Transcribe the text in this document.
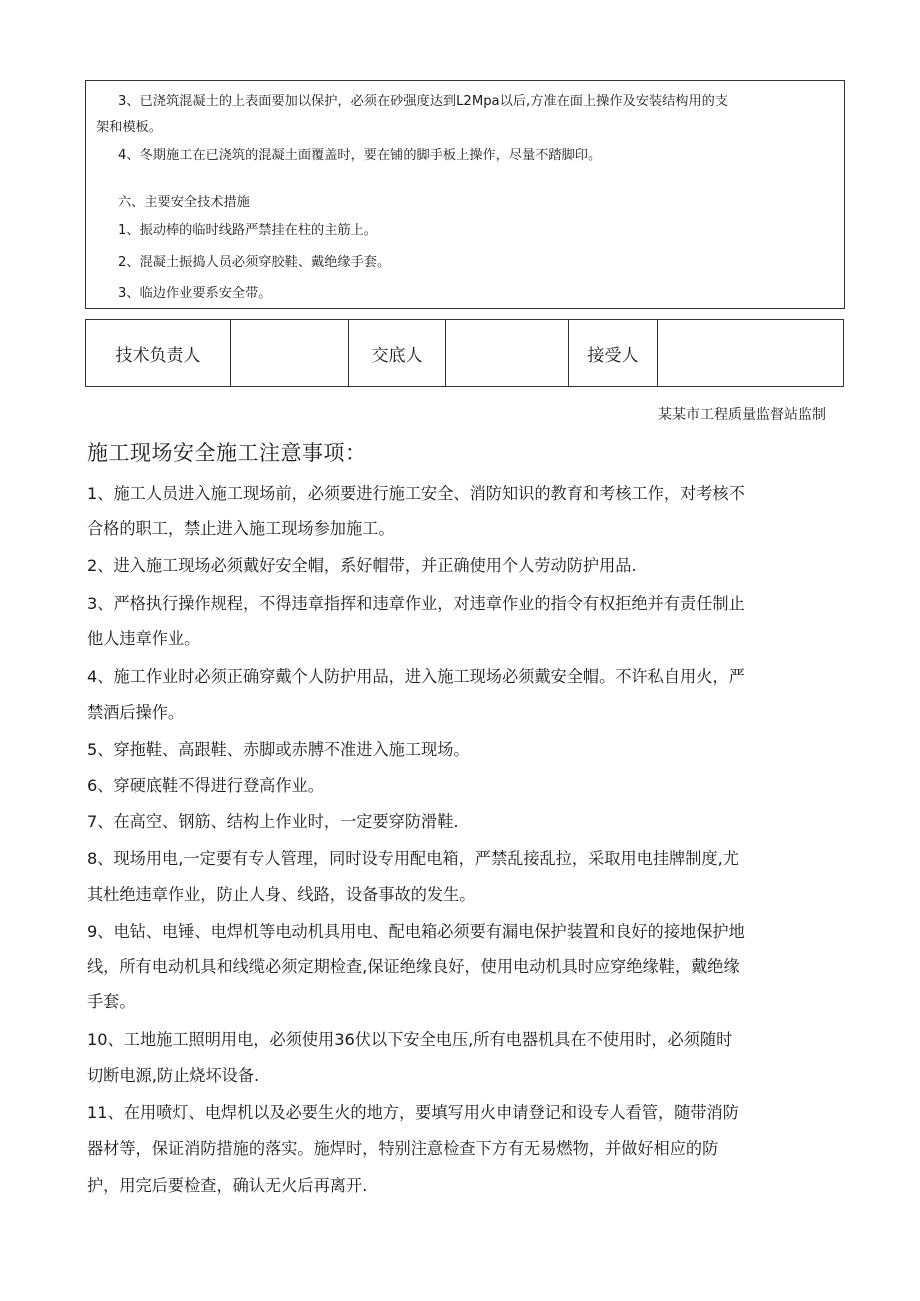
3、已浇筑混凝土的上表面要加以保护，必须在砂强度达到L2Mpa以后,方准在面上操作及安装结构用的支
架和模板。
4、冬期施工在已浇筑的混凝土面覆盖时，要在铺的脚手板上操作，尽量不踏脚印。
六、主要安全技术措施
1、振动棒的临时线路严禁挂在柱的主筋上。
2、混凝土振捣人员必须穿胶鞋、戴绝缘手套。
3、临边作业要系安全带。
技术负责人		交底人		接受人	
某某市工程质量监督站监制
施工现场安全施工注意事项：
1、施工人员进入施工现场前，必须要进行施工安全、消防知识的教育和考核工作，对考核不
合格的职工，禁止进入施工现场参加施工。
2、进入施工现场必须戴好安全帽，系好帽带，并正确使用个人劳动防护用品.
3、严格执行操作规程，不得违章指挥和违章作业，对违章作业的指令有权拒绝并有责任制止
他人违章作业。
4、施工作业时必须正确穿戴个人防护用品，进入施工现场必须戴安全帽。不许私自用火，严
禁酒后操作。
5、穿拖鞋、高跟鞋、赤脚或赤膊不准进入施工现场。
6、穿硬底鞋不得进行登高作业。
7、在高空、钢筋、结构上作业时，一定要穿防滑鞋.
8、现场用电,一定要有专人管理，同时设专用配电箱，严禁乱接乱拉，采取用电挂牌制度,尤
其杜绝违章作业，防止人身、线路，设备事故的发生。
9、电钻、电锤、电焊机等电动机具用电、配电箱必须要有漏电保护装置和良好的接地保护地
线，所有电动机具和线缆必须定期检查,保证绝缘良好，使用电动机具时应穿绝缘鞋，戴绝缘
手套。
10、工地施工照明用电，必须使用36伏以下安全电压,所有电器机具在不使用时，必须随时
切断电源,防止烧坏设备.
11、在用喷灯、电焊机以及必要生火的地方，要填写用火申请登记和设专人看管，随带消防
器材等，保证消防措施的落实。施焊时，特别注意检查下方有无易燃物，并做好相应的防
护，用完后要检查，确认无火后再离开.
